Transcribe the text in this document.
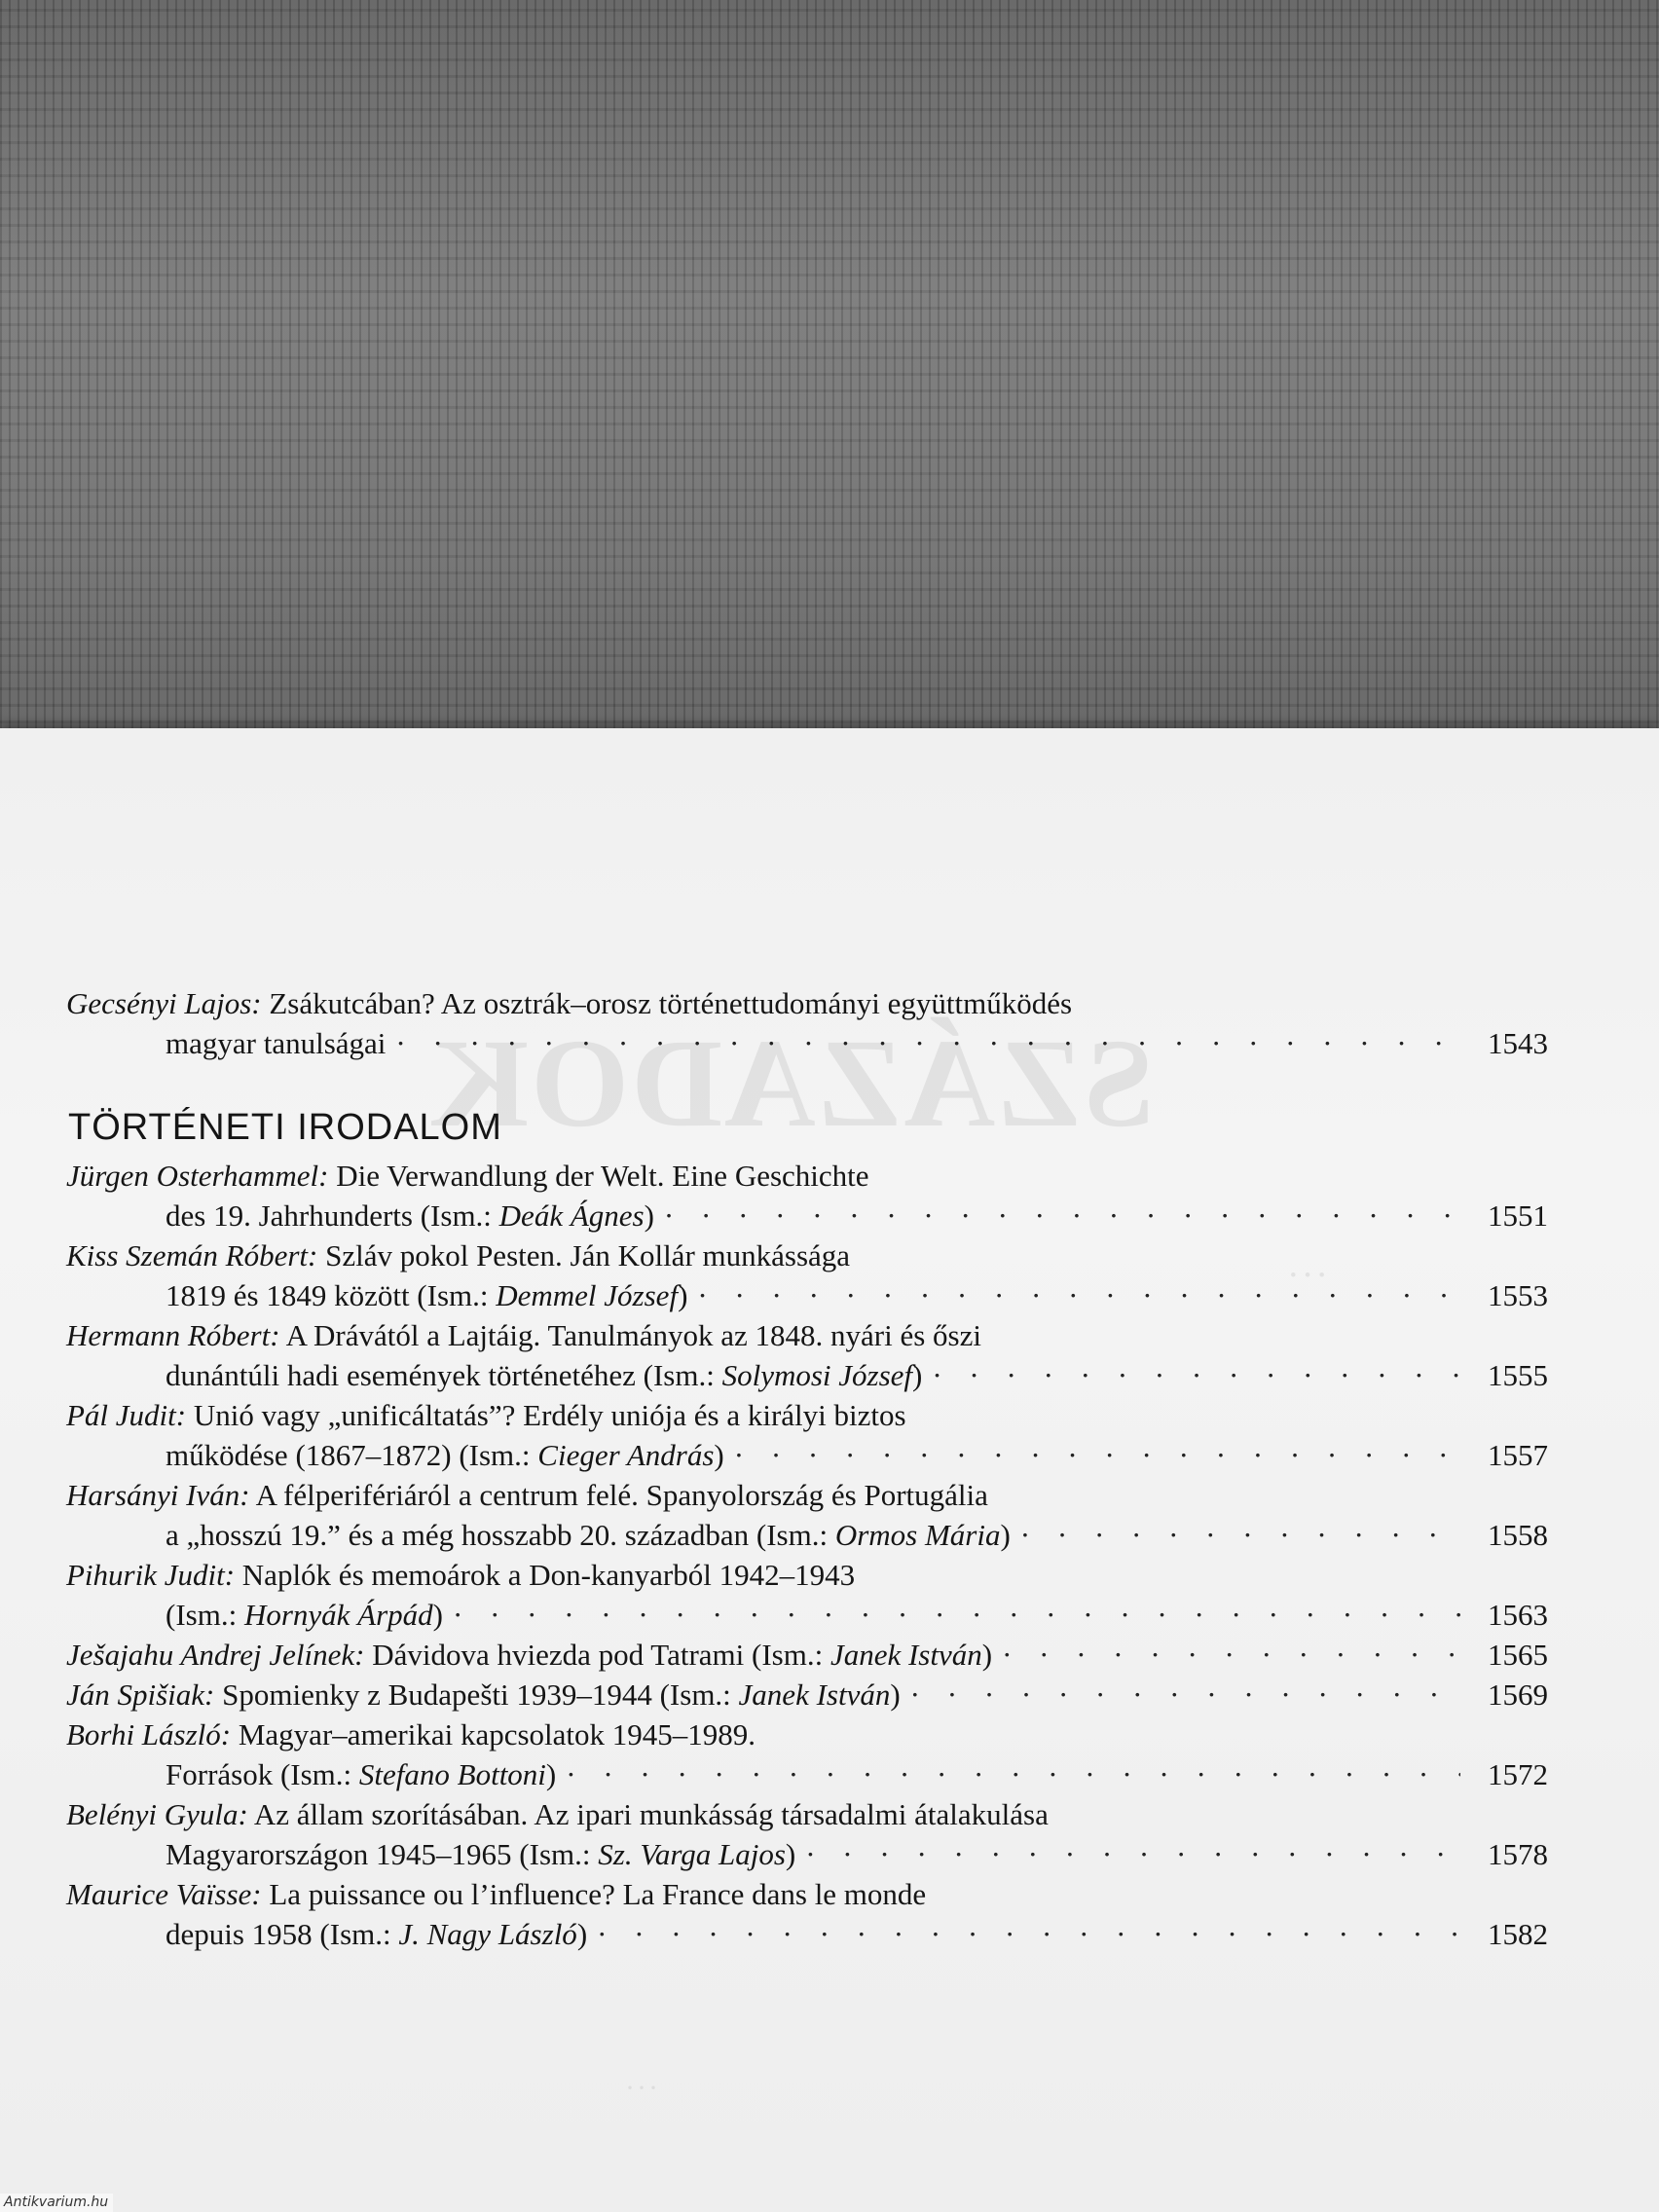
SZÁZADOK
···
···
Gecsényi Lajos: Zsákutcában? Az osztrák–orosz történettudományi együttműködés
magyar tanulságai · · ·	1543
TÖRTÉNETI IRODALOM
Jürgen Osterhammel: Die Verwandlung der Welt. Eine Geschichte
des 19. Jahrhunderts (Ism.: Deák Ágnes) · · ·	1551
Kiss Szemán Róbert: Szláv pokol Pesten. Ján Kollár munkássága
1819 és 1849 között (Ism.: Demmel József) · · ·	1553
Hermann Róbert: A Drávától a Lajtáig. Tanulmányok az 1848. nyári és őszi
dunántúli hadi események történetéhez (Ism.: Solymosi József) · · ·	1555
Pál Judit: Unió vagy „unificáltatás”? Erdély uniója és a királyi biztos
működése (1867–1872) (Ism.: Cieger András) · · ·	1557
Harsányi Iván: A félperifériáról a centrum felé. Spanyolország és Portugália
a „hosszú 19.” és a még hosszabb 20. században (Ism.: Ormos Mária) · · ·	1558
Pihurik Judit: Naplók és memoárok a Don-kanyarból 1942–1943
(Ism.: Hornyák Árpád) · · ·	1563
Ješajahu Andrej Jelínek: Dávidova hviezda pod Tatrami (Ism.: Janek István) · · ·	1565
Ján Spišiak: Spomienky z Budapešti 1939–1944 (Ism.: Janek István) · · ·	1569
Borhi László: Magyar–amerikai kapcsolatok 1945–1989.
Források (Ism.: Stefano Bottoni) · · ·	1572
Belényi Gyula: Az állam szorításában. Az ipari munkásság társadalmi átalakulása
Magyarországon 1945–1965 (Ism.: Sz. Varga Lajos) · · ·	1578
Maurice Vaïsse: La puissance ou l’influence? La France dans le monde
depuis 1958 (Ism.: J. Nagy László) · · ·	1582
Antikvarium.hu
